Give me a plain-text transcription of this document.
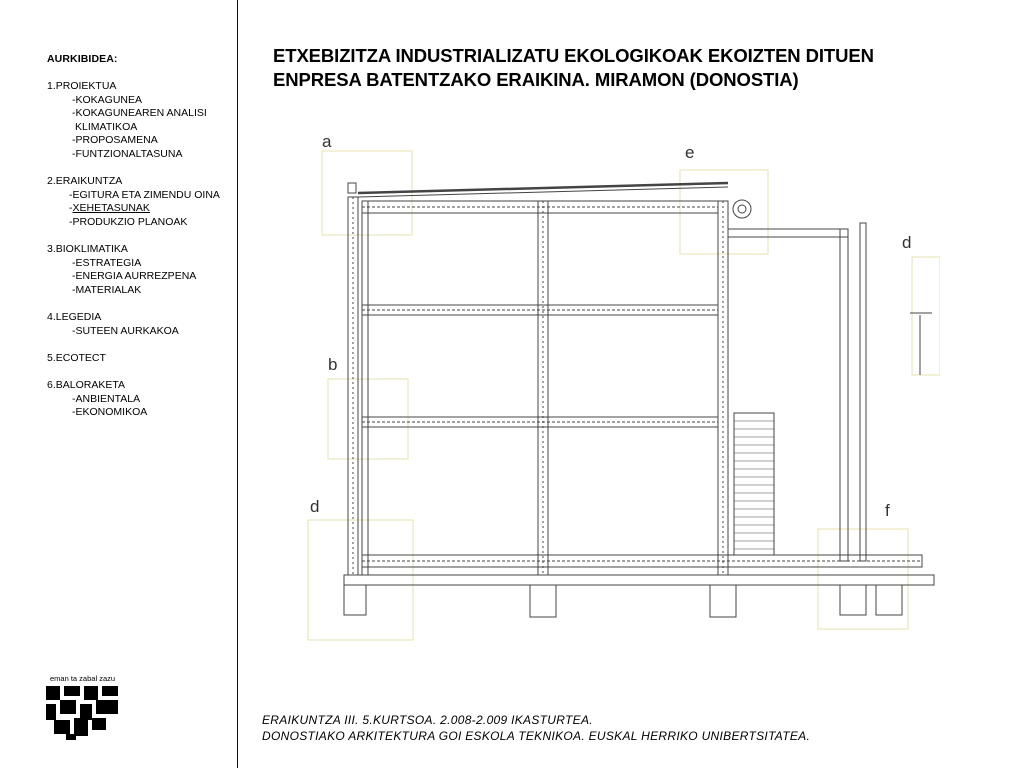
AURKIBIDEA:
1.PROIEKTUA
-KOKAGUNEA
-KOKAGUNEAREN ANALISI
KLIMATIKOA
-PROPOSAMENA
-FUNTZIONALTASUNA
2.ERAIKUNTZA
-EGITURA ETA ZIMENDU OINA
-XEHETASUNAK
-PRODUKZIO PLANOAK
3.BIOKLIMATIKA
-ESTRATEGIA
-ENERGIA AURREZPENA
-MATERIALAK
4.LEGEDIA
-SUTEEN AURKAKOA
5.ECOTECT
6.BALORAKETA
-ANBIENTALA
-EKONOMIKOA
eman ta zabal zazu
ETXEBIZITZA INDUSTRIALIZATU EKOLOGIKOAK EKOIZTEN DITUEN
ENPRESA BATENTZAKO ERAIKINA. MIRAMON (DONOSTIA)
a
e
d
b
d	f
ERAIKUNTZA III. 5.KURTSOA. 2.008-2.009 IKASTURTEA.
DONOSTIAKO ARKITEKTURA GOI ESKOLA TEKNIKOA. EUSKAL HERRIKO UNIBERTSITATEA.
